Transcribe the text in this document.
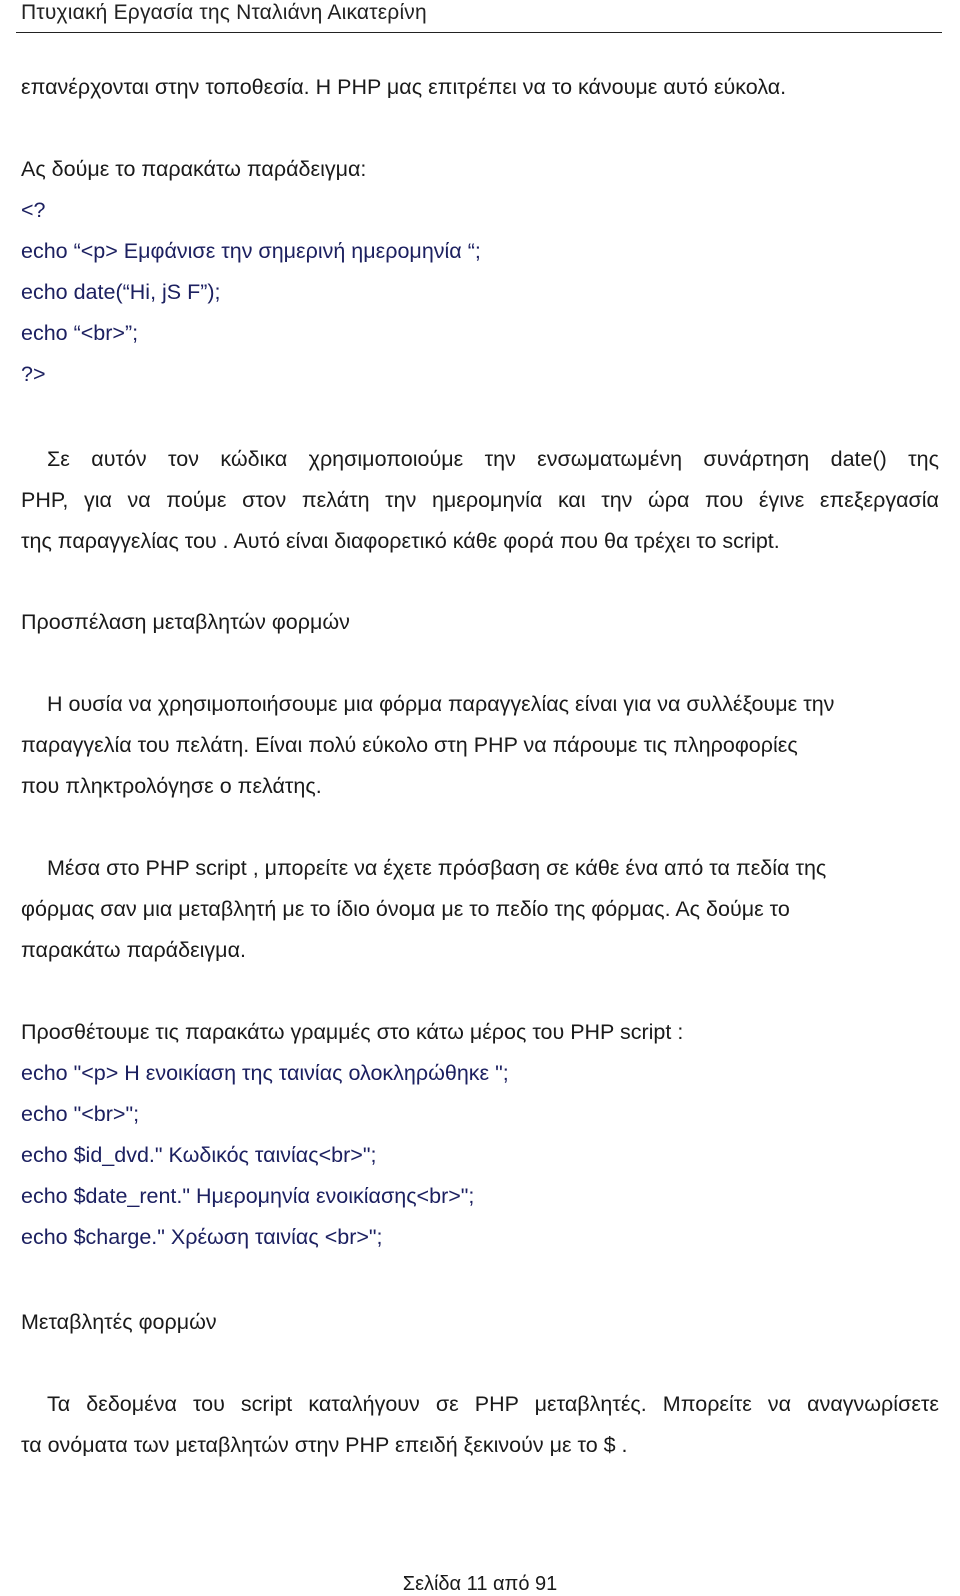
Πτυχιακή Εργασία της Νταλιάνη Αικατερίνη
επανέρχονται στην τοποθεσία. Η PHP μας επιτρέπει να το κάνουμε αυτό εύκολα.
Ας δούμε το παρακάτω παράδειγμα:
<?
echo “<p> Εμφάνισε την σημερινή ημερομηνία “;
echo date(“Hi, jS F”);
echo “<br>”;
?>
Σε αυτόν τον κώδικα χρησιμοποιούμε την ενσωματωμένη συνάρτηση date() της
PHP, για να πούμε στον πελάτη την ημερομηνία και την ώρα που έγινε επεξεργασία
της παραγγελίας του . Αυτό είναι διαφορετικό κάθε φορά που θα τρέχει το script.
Προσπέλαση μεταβλητών φορμών
Η ουσία να χρησιμοποιήσουμε μια φόρμα παραγγελίας είναι για να συλλέξουμε την
παραγγελία του πελάτη. Είναι πολύ εύκολο στη PHP να πάρουμε τις πληροφορίες
που πληκτρολόγησε ο πελάτης.
Μέσα στο PHP script , μπορείτε να έχετε πρόσβαση σε κάθε ένα από τα πεδία της
φόρμας σαν μια μεταβλητή με το ίδιο όνομα με το πεδίο της φόρμας. Ας δούμε το
παρακάτω παράδειγμα.
Προσθέτουμε τις παρακάτω γραμμές στο κάτω μέρος του PHP script :
echo "<p> Η ενοικίαση της ταινίας ολοκληρώθηκε ";
echo "<br>";
echo $id_dvd." Κωδικός ταινίας<br>";
echo $date_rent." Ημερομηνία ενοικίασης<br>";
echo $charge." Χρέωση ταινίας <br>";
Μεταβλητές φορμών
Τα δεδομένα του script καταλήγουν σε PHP μεταβλητές. Μπορείτε να αναγνωρίσετε
τα ονόματα των μεταβλητών στην PHP επειδή ξεκινούν με το $ .
Σελίδα 11 από 91
